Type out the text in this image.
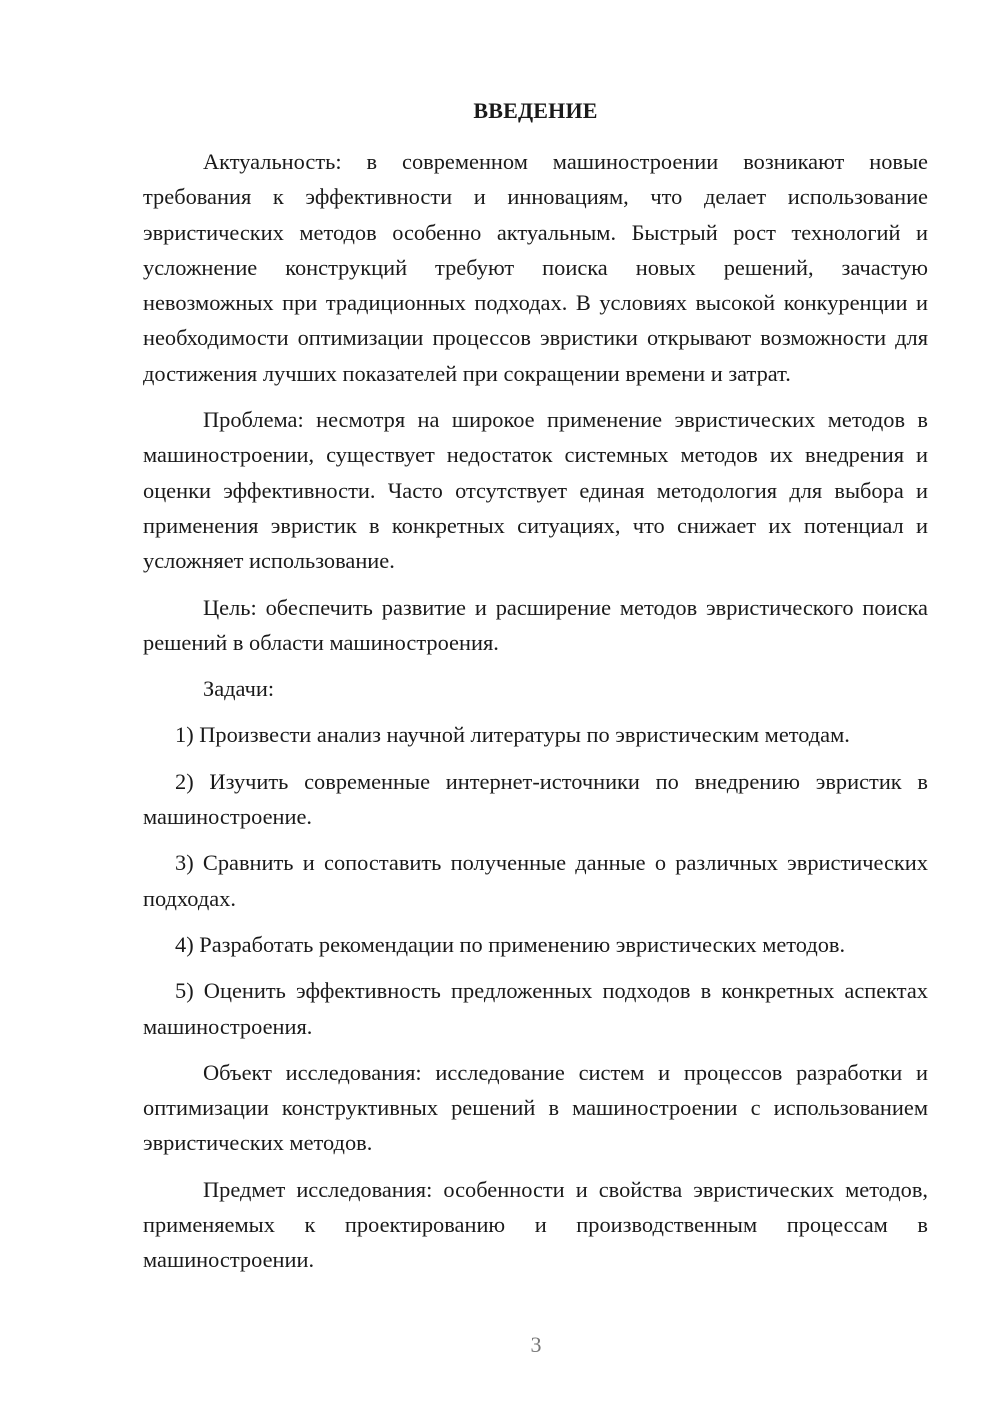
ВВЕДЕНИЕ

Актуальность: в современном машиностроении возникают новые требования к эффективности и инновациям, что делает использование эвристических методов особенно актуальным. Быстрый рост технологий и усложнение конструкций требуют поиска новых решений, зачастую невозможных при традиционных подходах. В условиях высокой конкуренции и необходимости оптимизации процессов эвристики открывают возможности для достижения лучших показателей при сокращении времени и затрат.

Проблема: несмотря на широкое применение эвристических методов в машиностроении, существует недостаток системных методов их внедрения и оценки эффективности. Часто отсутствует единая методология для выбора и применения эвристик в конкретных ситуациях, что снижает их потенциал и усложняет использование.

Цель: обеспечить развитие и расширение методов эвристического поиска решений в области машиностроения.

Задачи:

1) Произвести анализ научной литературы по эвристическим методам.

2) Изучить современные интернет-источники по внедрению эвристик в машиностроение.

3) Сравнить и сопоставить полученные данные о различных эвристических подходах.

4) Разработать рекомендации по применению эвристических методов.

5) Оценить эффективность предложенных подходов в конкретных аспектах машиностроения.

Объект исследования: исследование систем и процессов разработки и оптимизации конструктивных решений в машиностроении с использованием эвристических методов.

Предмет исследования: особенности и свойства эвристических методов, применяемых к проектированию и производственным процессам в машиностроении.

3
